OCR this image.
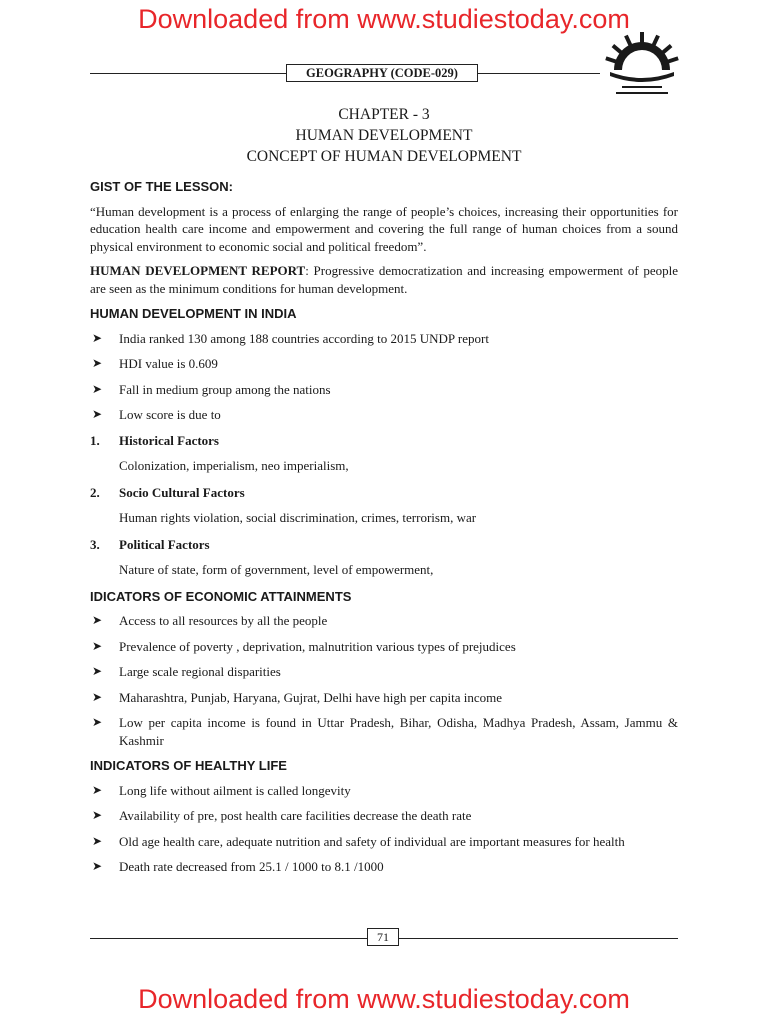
Downloaded from www.studiestoday.com
GEOGRAPHY (CODE-029)
CHAPTER - 3
HUMAN DEVELOPMENT
CONCEPT OF HUMAN DEVELOPMENT
GIST OF THE LESSON:

“Human development is a process of enlarging the range of people’s choices, increasing their opportunities for education health care income and empowerment and covering the full range of human choices from a sound physical environment to economic social and political freedom”.

HUMAN DEVELOPMENT REPORT: Progressive democratization and increasing empowerment of people are seen as the minimum conditions for human development.

HUMAN DEVELOPMENT IN INDIA
➤ India ranked 130 among 188 countries according to 2015 UNDP report
➤ HDI value is 0.609
➤ Fall in medium group among the nations
➤ Low score is due to
1.	Historical Factors
Colonization, imperialism, neo imperialism,
2.	Socio Cultural Factors
Human rights violation, social discrimination, crimes, terrorism, war
3.	Political Factors
Nature of state, form of government, level of empowerment,
IDICATORS OF ECONOMIC ATTAINMENTS
➤ Access to all resources by all the people
➤ Prevalence of poverty , deprivation, malnutrition various types of prejudices
➤ Large scale regional disparities
➤ Maharashtra, Punjab, Haryana, Gujrat, Delhi have high per capita income
➤ Low per capita income is found in Uttar Pradesh, Bihar, Odisha, Madhya Pradesh, Assam, Jammu & Kashmir
INDICATORS OF HEALTHY LIFE
➤ Long life without ailment is called longevity
➤ Availability of pre, post health care facilities decrease the death rate
➤ Old age health care, adequate nutrition and safety of individual are important measures for health
➤ Death rate decreased from 25.1 / 1000 to 8.1 /1000
71
Downloaded from www.studiestoday.com
